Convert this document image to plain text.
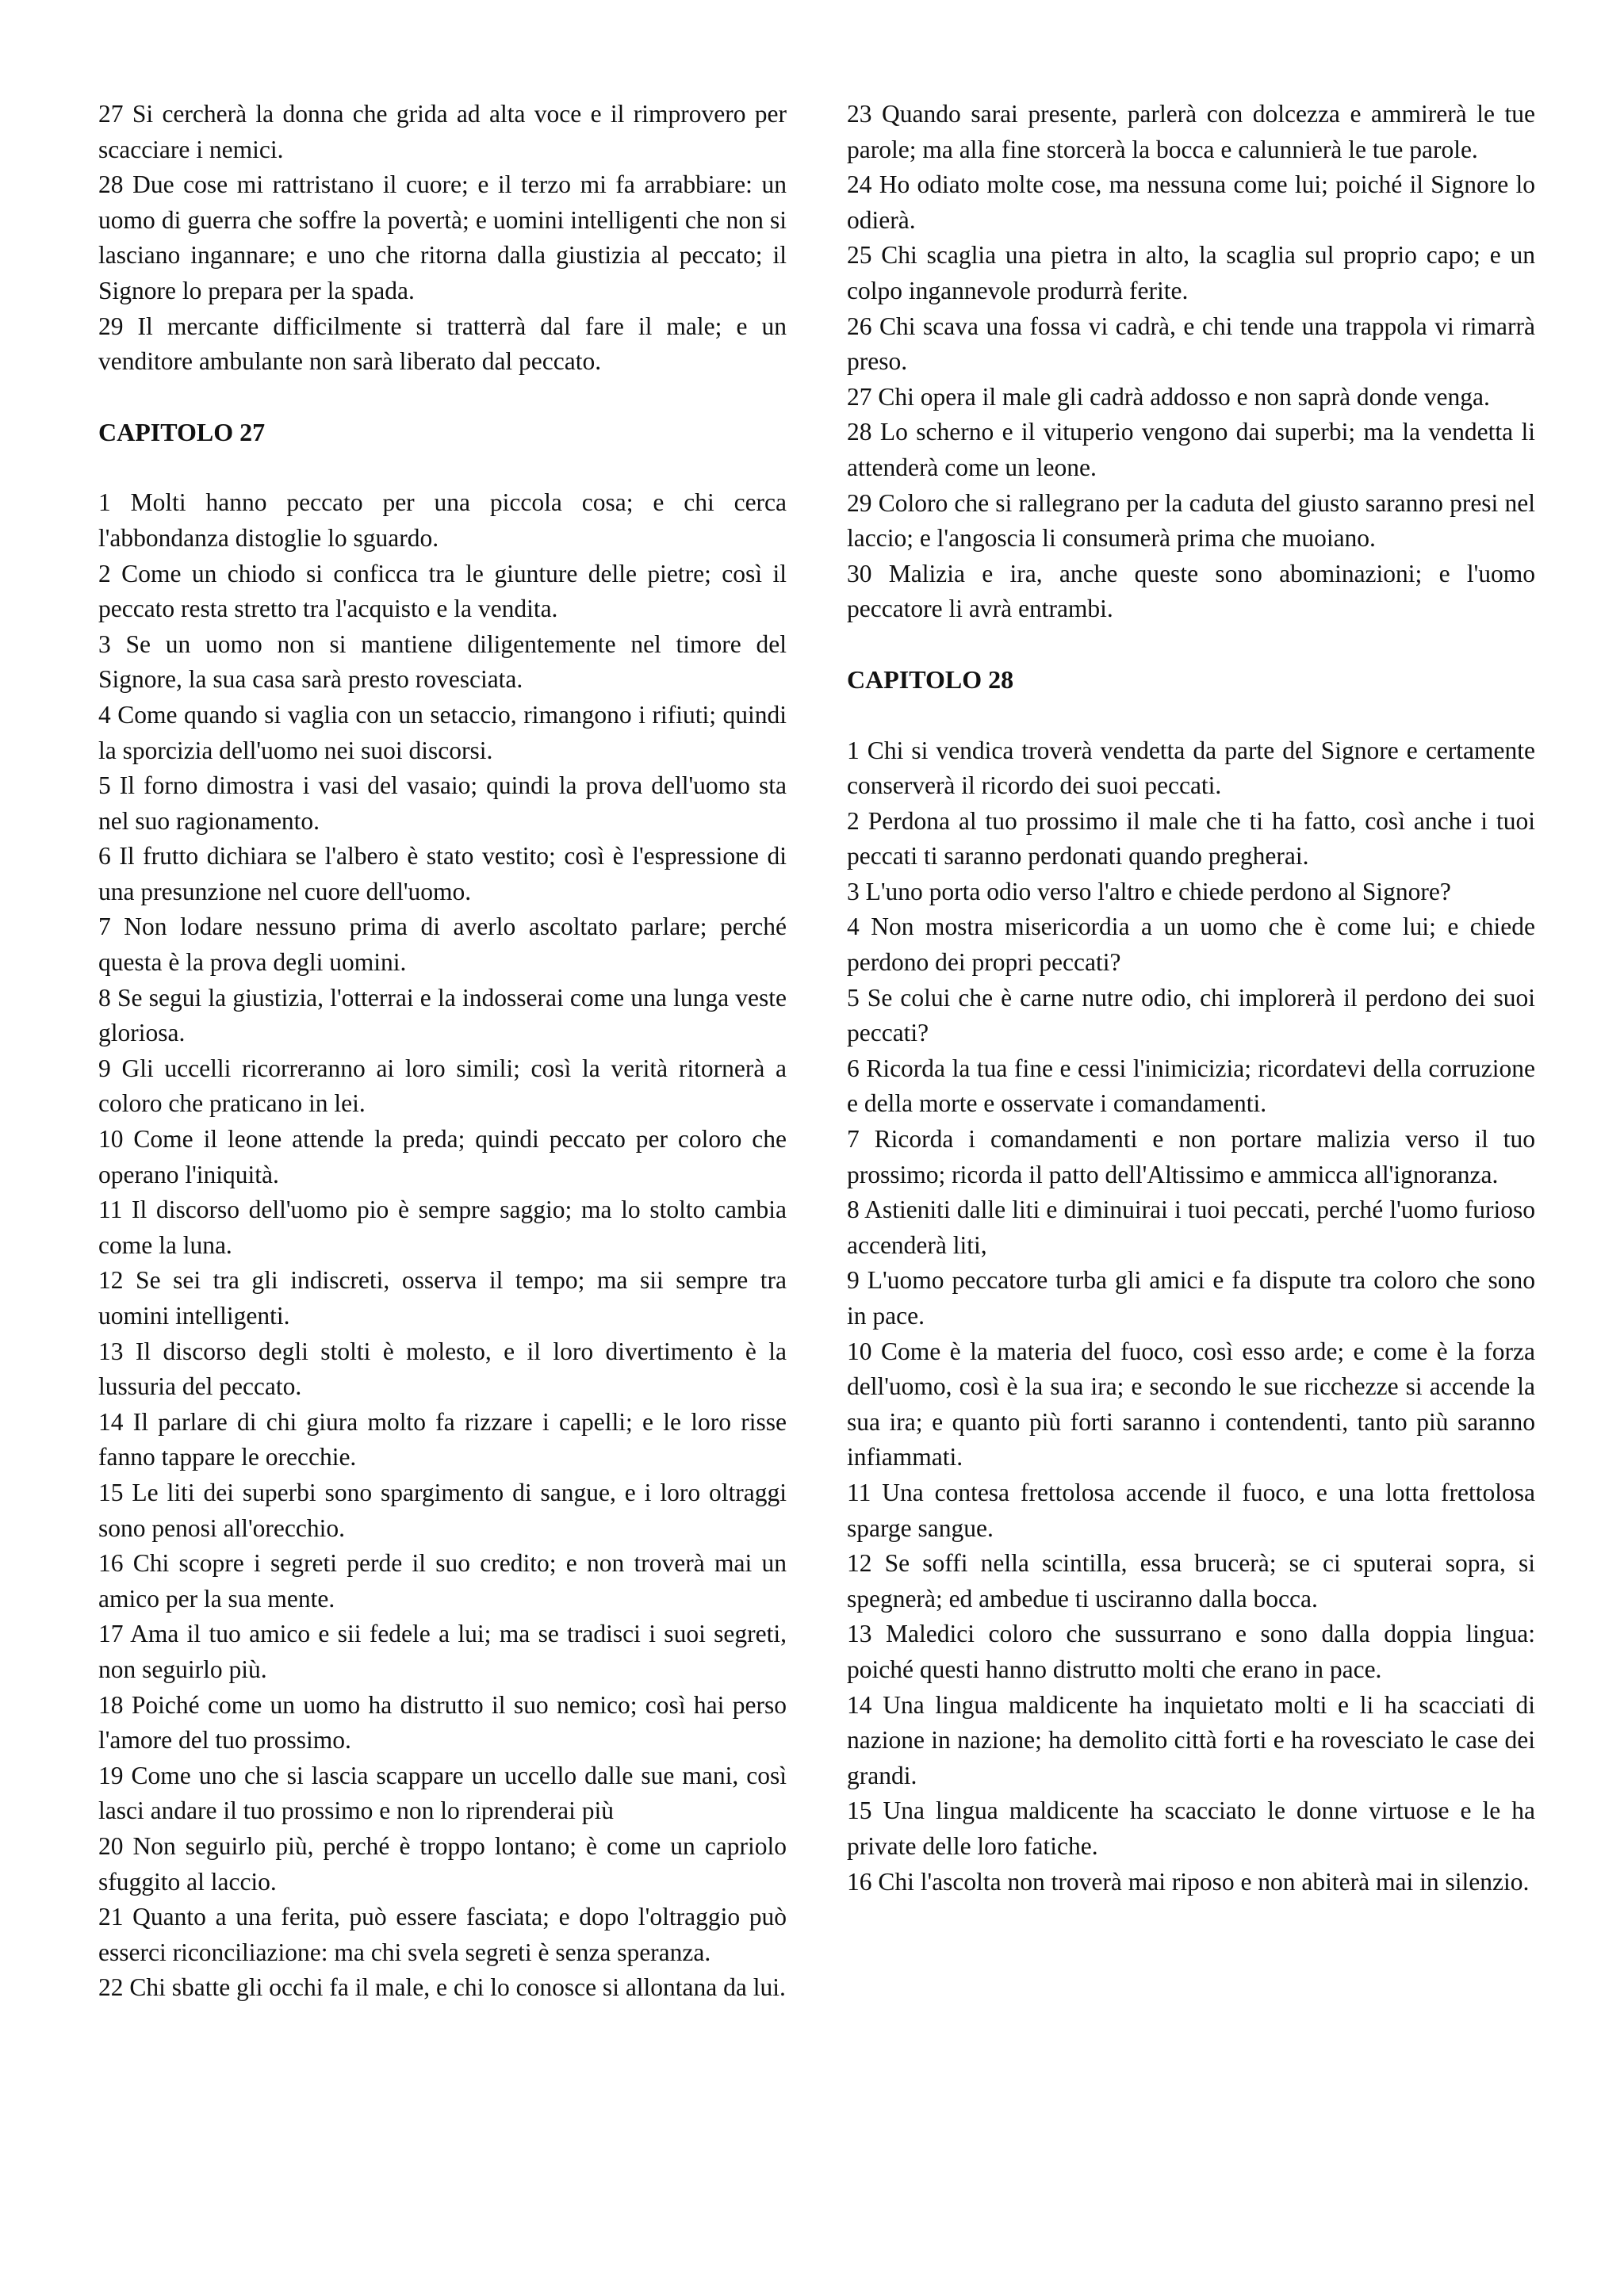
27 Si cercherà la donna che grida ad alta voce e il rimprovero per scacciare i nemici.

28 Due cose mi rattristano il cuore; e il terzo mi fa arrabbiare: un uomo di guerra che soffre la povertà; e uomini intelligenti che non si lasciano ingannare; e uno che ritorna dalla giustizia al peccato; il Signore lo prepara per la spada.

29 Il mercante difficilmente si tratterrà dal fare il male; e un venditore ambulante non sarà liberato dal peccato.

CAPITOLO 27

1 Molti hanno peccato per una piccola cosa; e chi cerca l'abbondanza distoglie lo sguardo.

2 Come un chiodo si conficca tra le giunture delle pietre; così il peccato resta stretto tra l'acquisto e la vendita.

3 Se un uomo non si mantiene diligentemente nel timore del Signore, la sua casa sarà presto rovesciata.

4 Come quando si vaglia con un setaccio, rimangono i rifiuti; quindi la sporcizia dell'uomo nei suoi discorsi.

5 Il forno dimostra i vasi del vasaio; quindi la prova dell'uomo sta nel suo ragionamento.

6 Il frutto dichiara se l'albero è stato vestito; così è l'espressione di una presunzione nel cuore dell'uomo.

7 Non lodare nessuno prima di averlo ascoltato parlare; perché questa è la prova degli uomini.

8 Se segui la giustizia, l'otterrai e la indosserai come una lunga veste gloriosa.

9 Gli uccelli ricorreranno ai loro simili; così la verità ritornerà a coloro che praticano in lei.

10 Come il leone attende la preda; quindi peccato per coloro che operano l'iniquità.

11 Il discorso dell'uomo pio è sempre saggio; ma lo stolto cambia come la luna.

12 Se sei tra gli indiscreti, osserva il tempo; ma sii sempre tra uomini intelligenti.

13 Il discorso degli stolti è molesto, e il loro divertimento è la lussuria del peccato.

14 Il parlare di chi giura molto fa rizzare i capelli; e le loro risse fanno tappare le orecchie.

15 Le liti dei superbi sono spargimento di sangue, e i loro oltraggi sono penosi all'orecchio.

16 Chi scopre i segreti perde il suo credito; e non troverà mai un amico per la sua mente.

17 Ama il tuo amico e sii fedele a lui; ma se tradisci i suoi segreti, non seguirlo più.

18 Poiché come un uomo ha distrutto il suo nemico; così hai perso l'amore del tuo prossimo.

19 Come uno che si lascia scappare un uccello dalle sue mani, così lasci andare il tuo prossimo e non lo riprenderai più

20 Non seguirlo più, perché è troppo lontano; è come un capriolo sfuggito al laccio.

21 Quanto a una ferita, può essere fasciata; e dopo l'oltraggio può esserci riconciliazione: ma chi svela segreti è senza speranza.

22 Chi sbatte gli occhi fa il male, e chi lo conosce si allontana da lui.

23 Quando sarai presente, parlerà con dolcezza e ammirerà le tue parole; ma alla fine storcerà la bocca e calunnierà le tue parole.

24 Ho odiato molte cose, ma nessuna come lui; poiché il Signore lo odierà.

25 Chi scaglia una pietra in alto, la scaglia sul proprio capo; e un colpo ingannevole produrrà ferite.

26 Chi scava una fossa vi cadrà, e chi tende una trappola vi rimarrà preso.

27 Chi opera il male gli cadrà addosso e non saprà donde venga.

28 Lo scherno e il vituperio vengono dai superbi; ma la vendetta li attenderà come un leone.

29 Coloro che si rallegrano per la caduta del giusto saranno presi nel laccio; e l'angoscia li consumerà prima che muoiano.

30 Malizia e ira, anche queste sono abominazioni; e l'uomo peccatore li avrà entrambi.

CAPITOLO 28

1 Chi si vendica troverà vendetta da parte del Signore e certamente conserverà il ricordo dei suoi peccati.

2 Perdona al tuo prossimo il male che ti ha fatto, così anche i tuoi peccati ti saranno perdonati quando pregherai.

3 L'uno porta odio verso l'altro e chiede perdono al Signore?

4 Non mostra misericordia a un uomo che è come lui; e chiede perdono dei propri peccati?

5 Se colui che è carne nutre odio, chi implorerà il perdono dei suoi peccati?

6 Ricorda la tua fine e cessi l'inimicizia; ricordatevi della corruzione e della morte e osservate i comandamenti.

7 Ricorda i comandamenti e non portare malizia verso il tuo prossimo; ricorda il patto dell'Altissimo e ammicca all'ignoranza.

8 Astieniti dalle liti e diminuirai i tuoi peccati, perché l'uomo furioso accenderà liti,

9 L'uomo peccatore turba gli amici e fa dispute tra coloro che sono in pace.

10 Come è la materia del fuoco, così esso arde; e come è la forza dell'uomo, così è la sua ira; e secondo le sue ricchezze si accende la sua ira; e quanto più forti saranno i contendenti, tanto più saranno infiammati.

11 Una contesa frettolosa accende il fuoco, e una lotta frettolosa sparge sangue.

12 Se soffi nella scintilla, essa brucerà; se ci sputerai sopra, si spegnerà; ed ambedue ti usciranno dalla bocca.

13 Maledici coloro che sussurrano e sono dalla doppia lingua: poiché questi hanno distrutto molti che erano in pace.

14 Una lingua maldicente ha inquietato molti e li ha scacciati di nazione in nazione; ha demolito città forti e ha rovesciato le case dei grandi.

15 Una lingua maldicente ha scacciato le donne virtuose e le ha private delle loro fatiche.

16 Chi l'ascolta non troverà mai riposo e non abiterà mai in silenzio.
